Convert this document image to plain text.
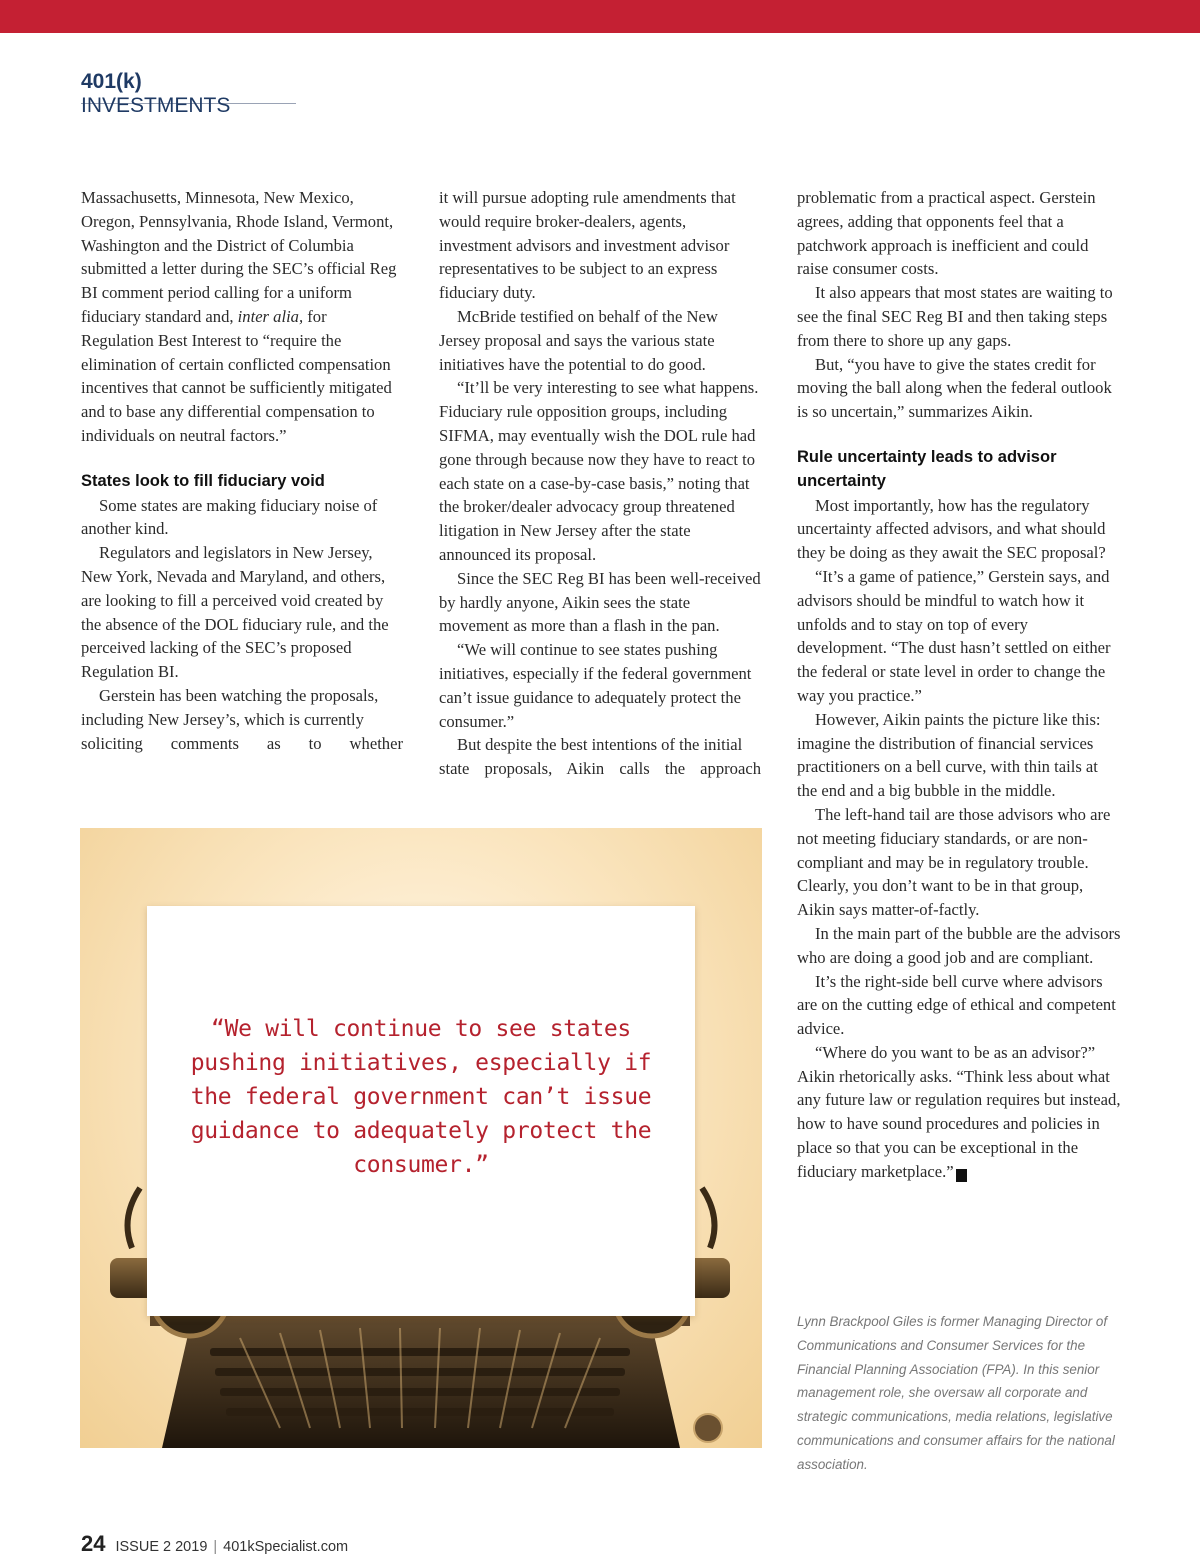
401(k) INVESTMENTS

Massachusetts, Minnesota, New Mexico, Oregon, Pennsylvania, Rhode Island, Vermont, Washington and the District of Columbia submitted a letter during the SEC’s official Reg BI comment period calling for a uniform fiduciary standard and, inter alia, for Regulation Best Interest to “require the elimination of certain conflicted compensation incentives that cannot be sufficiently mitigated and to base any differential compensation to individuals on neutral factors.”

States look to fill fiduciary void

Some states are making fiduciary noise of another kind.

Regulators and legislators in New Jersey, New York, Nevada and Maryland, and others, are looking to fill a perceived void created by the absence of the DOL fiduciary rule, and the perceived lacking of the SEC’s proposed Regulation BI.

Gerstein has been watching the proposals, including New Jersey’s, which is currently soliciting comments as to whether

it will pursue adopting rule amendments that would require broker-dealers, agents, investment advisors and investment advisor representatives to be subject to an express fiduciary duty.

McBride testified on behalf of the New Jersey proposal and says the various state initiatives have the potential to do good.

“It’ll be very interesting to see what happens. Fiduciary rule opposition groups, including SIFMA, may eventually wish the DOL rule had gone through because now they have to react to each state on a case-by-case basis,” noting that the broker/dealer advocacy group threatened litigation in New Jersey after the state announced its proposal.

Since the SEC Reg BI has been well-received by hardly anyone, Aikin sees the state movement as more than a flash in the pan.

“We will continue to see states pushing initiatives, especially if the federal government can’t issue guidance to adequately protect the consumer.”

But despite the best intentions of the initial state proposals, Aikin calls the approach

problematic from a practical aspect. Gerstein agrees, adding that opponents feel that a patchwork approach is inefficient and could raise consumer costs.

It also appears that most states are waiting to see the final SEC Reg BI and then taking steps from there to shore up any gaps.

But, “you have to give the states credit for moving the ball along when the federal outlook is so uncertain,” summarizes Aikin.

Rule uncertainty leads to advisor uncertainty

Most importantly, how has the regulatory uncertainty affected advisors, and what should they be doing as they await the SEC proposal?

“It’s a game of patience,” Gerstein says, and advisors should be mindful to watch how it unfolds and to stay on top of every development. “The dust hasn’t settled on either the federal or state level in order to change the way you practice.”

However, Aikin paints the picture like this: imagine the distribution of financial services practitioners on a bell curve, with thin tails at the end and a big bubble in the middle.

The left-hand tail are those advisors who are not meeting fiduciary standards, or are non-compliant and may be in regulatory trouble. Clearly, you don’t want to be in that group, Aikin says matter-of-factly.

In the main part of the bubble are the advisors who are doing a good job and are compliant.

It’s the right-side bell curve where advisors are on the cutting edge of ethical and competent advice.

“Where do you want to be as an advisor?” Aikin rhetorically asks. “Think less about what any future law or regulation requires but instead, how to have sound procedures and policies in place so that you can be exceptional in the fiduciary marketplace.” K

Lynn Brackpool Giles is former Managing Director of Communications and Consumer Services for the Financial Planning Association (FPA). In this senior management role, she oversaw all corporate and strategic communications, media relations, legislative communications and consumer affairs for the national association.
“We will continue to see states pushing initiatives, especially if the federal government can’t issue guidance to adequately protect the consumer.”
24 ISSUE 2 2019 | 401kSpecialist.com
